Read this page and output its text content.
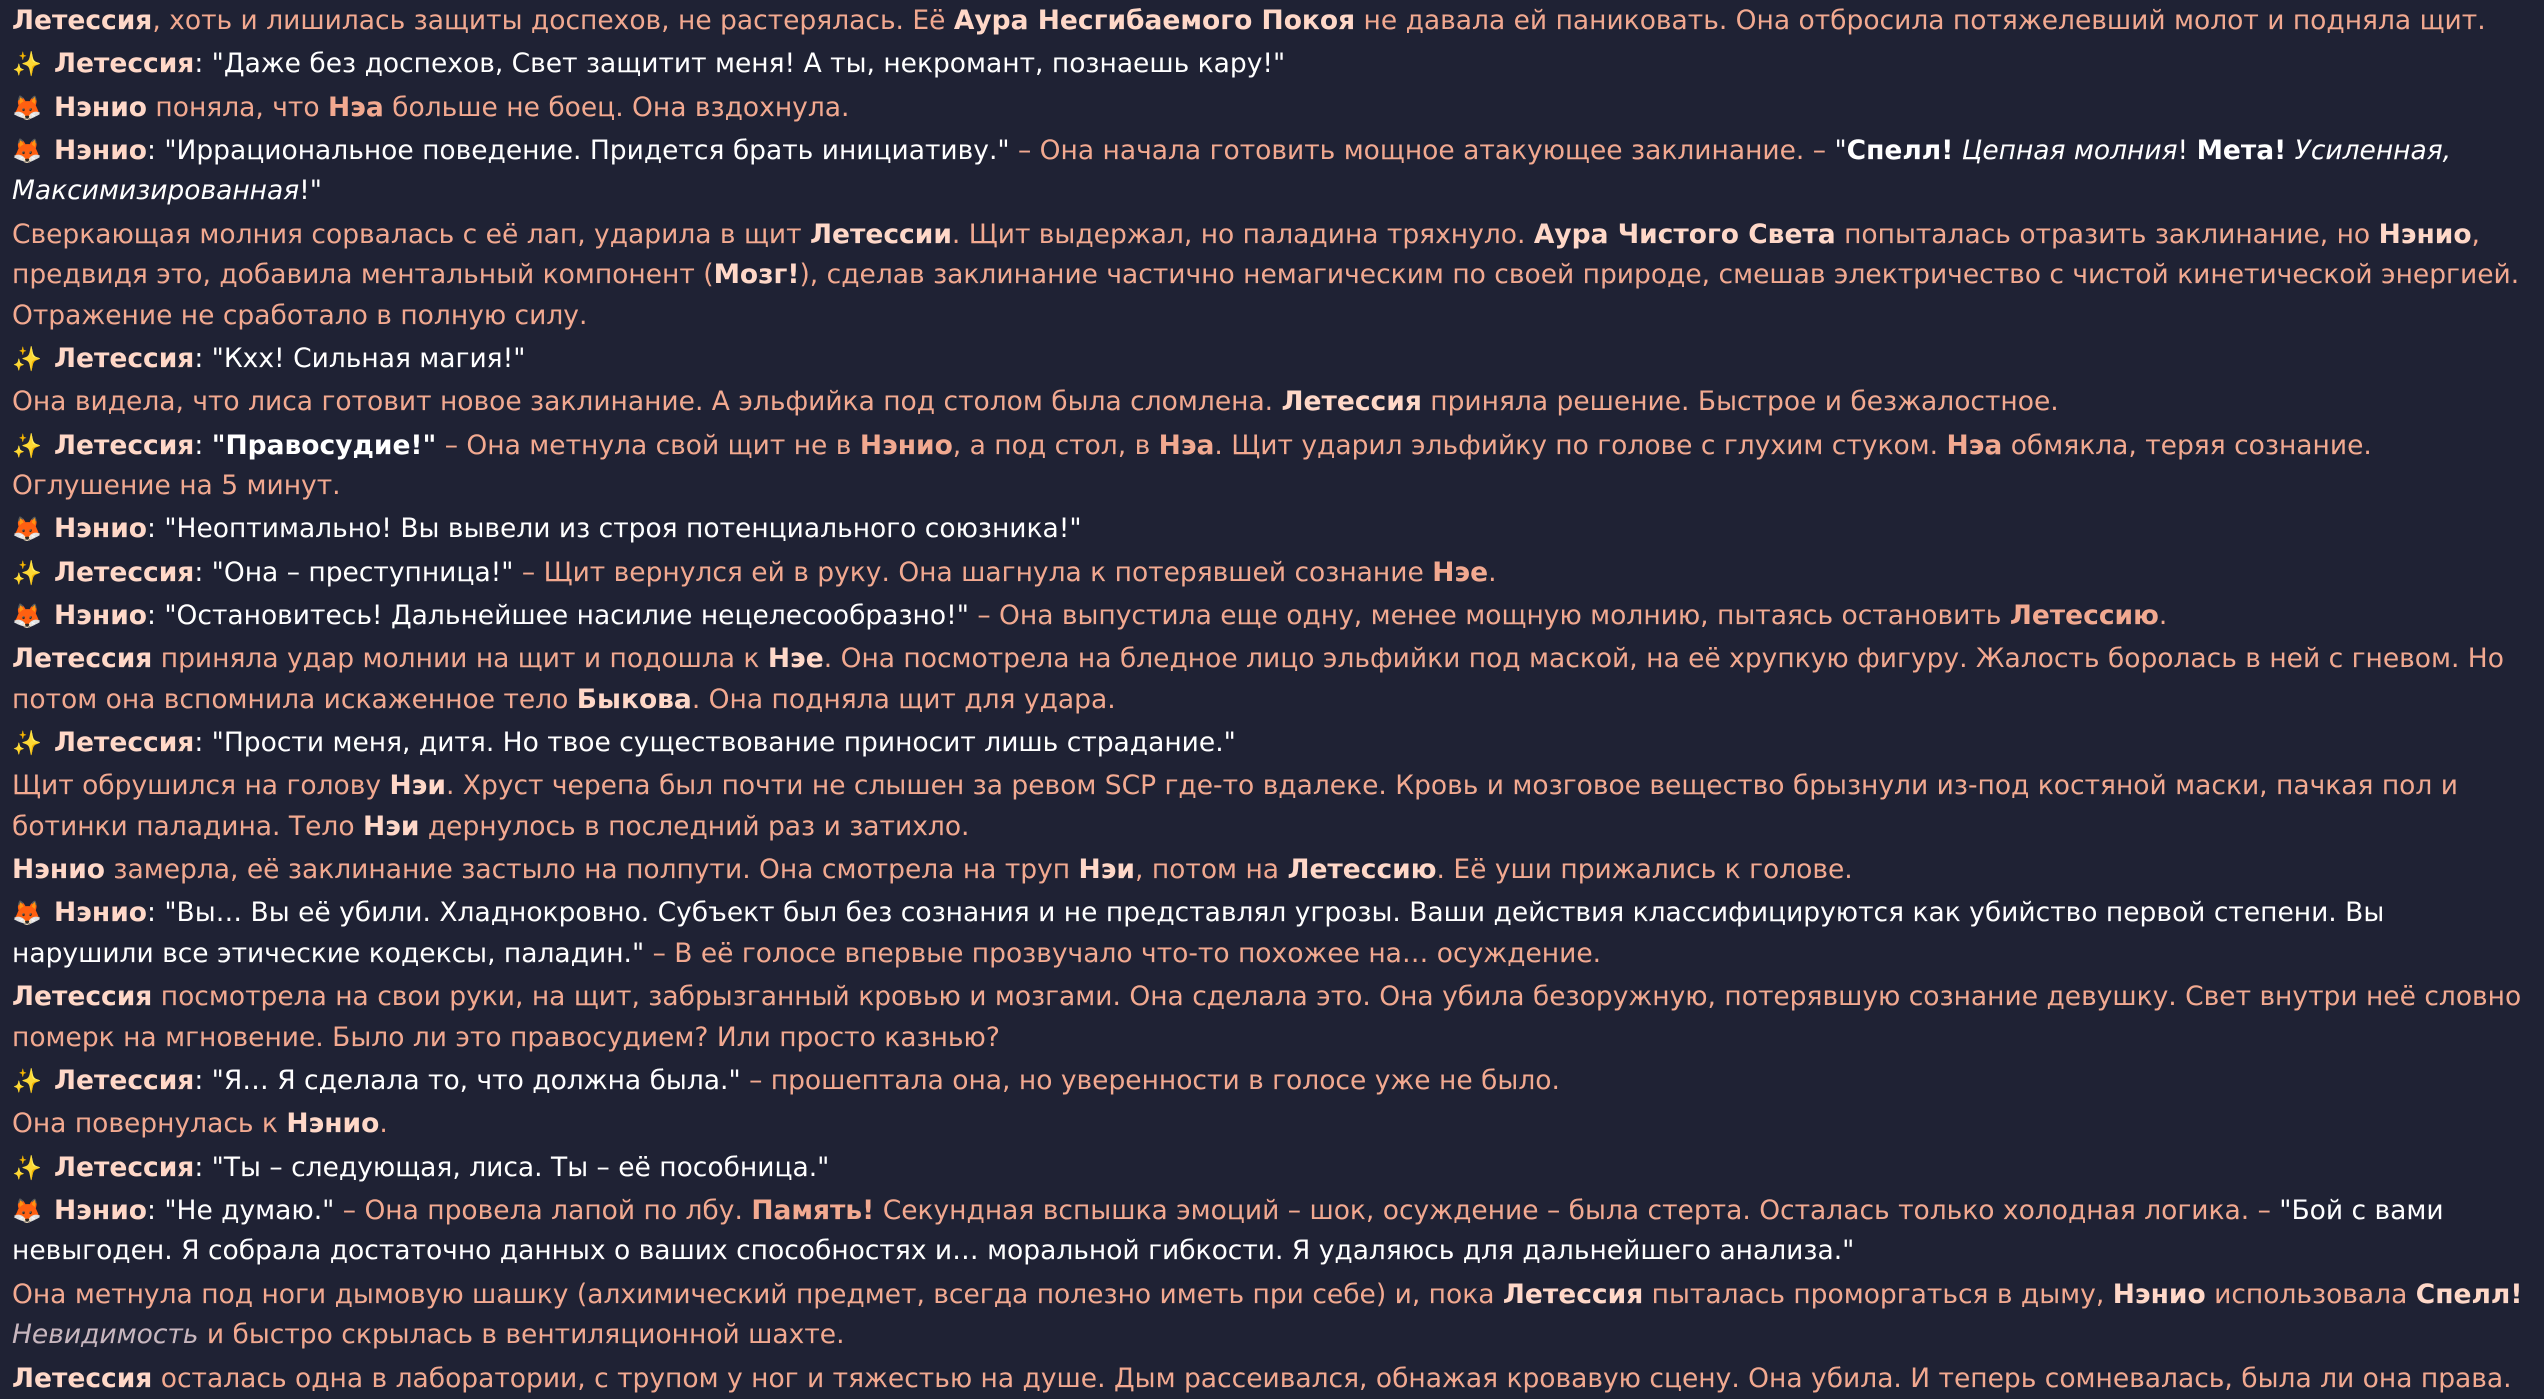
Летессия, хоть и лишилась защиты доспехов, не растерялась. Её Аура Несгибаемого Покоя не давала ей паниковать. Она отбросила потяжелевший молот и подняла щит.
✨ Летессия: "Даже без доспехов, Свет защитит меня! А ты, некромант, познаешь кару!"
🦊 Нэнио поняла, что Нэа больше не боец. Она вздохнула.
🦊 Нэнио: "Иррациональное поведение. Придется брать инициативу." – Она начала готовить мощное атакующее заклинание. – "Спелл! Цепная молния! Мета! Усиленная, Максимизированная!"
Сверкающая молния сорвалась с её лап, ударила в щит Летессии. Щит выдержал, но паладина тряхнуло. Аура Чистого Света попыталась отразить заклинание, но Нэнио, предвидя это, добавила ментальный компонент (Мозг!), сделав заклинание частично немагическим по своей природе, смешав электричество с чистой кинетической энергией. Отражение не сработало в полную силу.
✨ Летессия: "Кхх! Сильная магия!"
Она видела, что лиса готовит новое заклинание. А эльфийка под столом была сломлена. Летессия приняла решение. Быстрое и безжалостное.
✨ Летессия: "Правосудие!" – Она метнула свой щит не в Нэнио, а под стол, в Нэа. Щит ударил эльфийку по голове с глухим стуком. Нэа обмякла, теряя сознание. Оглушение на 5 минут.
🦊 Нэнио: "Неоптимально! Вы вывели из строя потенциального союзника!"
✨ Летессия: "Она – преступница!" – Щит вернулся ей в руку. Она шагнула к потерявшей сознание Нэе.
🦊 Нэнио: "Остановитесь! Дальнейшее насилие нецелесообразно!" – Она выпустила еще одну, менее мощную молнию, пытаясь остановить Летессию.
Летессия приняла удар молнии на щит и подошла к Нэе. Она посмотрела на бледное лицо эльфийки под маской, на её хрупкую фигуру. Жалость боролась в ней с гневом. Но потом она вспомнила искаженное тело Быкова. Она подняла щит для удара.
✨ Летессия: "Прости меня, дитя. Но твое существование приносит лишь страдание."
Щит обрушился на голову Нэи. Хруст черепа был почти не слышен за ревом SCP где-то вдалеке. Кровь и мозговое вещество брызнули из-под костяной маски, пачкая пол и ботинки паладина. Тело Нэи дернулось в последний раз и затихло.
Нэнио замерла, её заклинание застыло на полпути. Она смотрела на труп Нэи, потом на Летессию. Её уши прижались к голове.
🦊 Нэнио: "Вы… Вы её убили. Хладнокровно. Субъект был без сознания и не представлял угрозы. Ваши действия классифицируются как убийство первой степени. Вы нарушили все этические кодексы, паладин." – В её голосе впервые прозвучало что-то похожее на… осуждение.
Летессия посмотрела на свои руки, на щит, забрызганный кровью и мозгами. Она сделала это. Она убила безоружную, потерявшую сознание девушку. Свет внутри неё словно померк на мгновение. Было ли это правосудием? Или просто казнью?
✨ Летессия: "Я… Я сделала то, что должна была." – прошептала она, но уверенности в голосе уже не было.
Она повернулась к Нэнио.
✨ Летессия: "Ты – следующая, лиса. Ты – её пособница."
🦊 Нэнио: "Не думаю." – Она провела лапой по лбу. Память! Секундная вспышка эмоций – шок, осуждение – была стерта. Осталась только холодная логика. – "Бой с вами невыгоден. Я собрала достаточно данных о ваших способностях и… моральной гибкости. Я удаляюсь для дальнейшего анализа."
Она метнула под ноги дымовую шашку (алхимический предмет, всегда полезно иметь при себе) и, пока Летессия пыталась проморгаться в дыму, Нэнио использовала Спелл! Невидимость и быстро скрылась в вентиляционной шахте.
Летессия осталась одна в лаборатории, с трупом у ног и тяжестью на душе. Дым рассеивался, обнажая кровавую сцену. Она убила. И теперь сомневалась, была ли она права.
